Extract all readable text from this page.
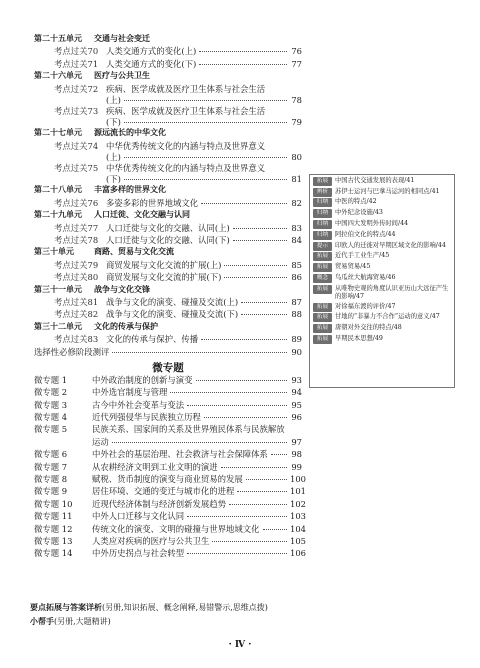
第二十五单元 交通与社会变迁
考点过关70 人类交通方式的变化(上)	76
考点过关71 人类交通方式的变化(下)	77
第二十六单元 医疗与公共卫生
考点过关72 疾病、医学成就及医疗卫生体系与社会生活
(上)	78
考点过关73 疾病、医学成就及医疗卫生体系与社会生活
(下)	79
第二十七单元 源远流长的中华文化
考点过关74 中华优秀传统文化的内涵与特点及世界意义
(上)	80
考点过关75 中华优秀传统文化的内涵与特点及世界意义
(下)	81
第二十八单元 丰富多样的世界文化
考点过关76 多姿多彩的世界地域文化	82
第二十九单元 人口迁徙、文化交融与认同
考点过关77 人口迁徙与文化的交融、认同(上)	83
考点过关78 人口迁徙与文化的交融、认同(下)	84
第三十单元	商路、贸易与文化交流
考点过关79 商贸发展与文化交流的扩展(上)	85
考点过关80 商贸发展与文化交流的扩展(下)	86
第三十一单元 战争与文化交锋
考点过关81 战争与文化的演变、碰撞及交流(上)	87
考点过关82 战争与文化的演变、碰撞及交流(下)	88
第三十二单元 文化的传承与保护
考点过关83 文化的传承与保护、传播	89
选择性必修阶段测评	90
微专题
微专题 1	中外政治制度的创新与演变	93
微专题 2	中外选官制度与管理	94
微专题 3	古今中外社会变革与变法	95
微专题 4	近代列强侵华与民族独立历程	96
微专题 5	民族关系、国家间的关系及世界殖民体系与民族解放
运动	97
微专题 6	中外社会的基层治理、社会救济与社会保障体系	98
微专题 7	从农耕经济文明到工业文明的演进	99
微专题 8	赋税、货币制度的演变与商业贸易的发展	100
微专题 9	居住环境、交通的变迁与城市化的进程	101
微专题 10	近现代经济体制与经济创新发展趋势	102
微专题 11	中外人口迁移与文化认同	103
微专题 12	传统文化的演变、文明的碰撞与世界地域文化	104
微专题 13	人类应对疾病的医疗与公共卫生	105
微专题 14	中外历史拐点与社会转型	106
拓展	中国古代交通发展的表现/41
辨析	苏伊士运河与巴拿马运河的相同点/41
归纳	中医的特点/42
归纳	中外纪念设施/43
归纳	中国四大发明外传时间/44
归纳	阿拉伯文化的特点/44
提示	印欧人的迁徙对早期区域文化的影响/44
拓展	近代手工业生产/45
拓展	贸易贸易/45
概念	鸟瓜丝大航海贸易/46
拓展	从唯物史观的角度认识亚历山大远征产生的影响/47
拓展	对徐福东渡的评价/47
拓展	甘地的“非暴力不合作”运动的意义/47
拓展	唐朝对外交往的特点/48
拓展	早期民本思想/49
要点拓展与答案详析(另册,知识拓展、概念阐释,易错警示,思维点拨)
小帮手(另册,大题精讲)
· Ⅳ ·
